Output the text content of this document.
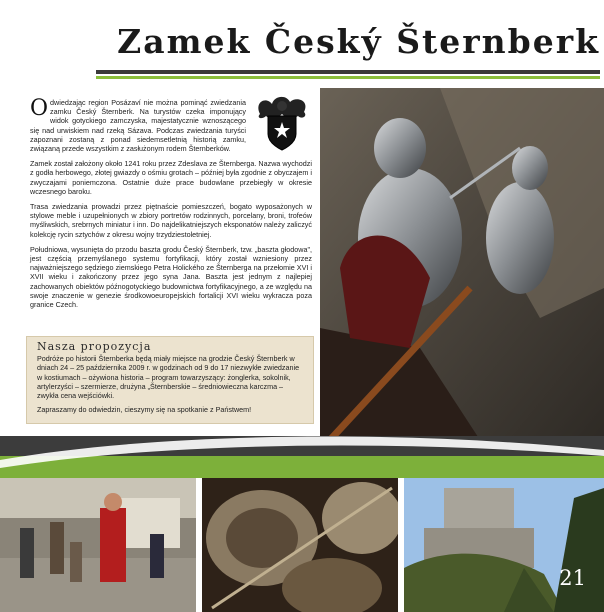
Zamek Český Šternberk

Odwiedzając region Posázaví nie można pominąć zwiedzania zamku Český Šternberk. Na turystów czeka imponujący widok gotyckiego zamczyska, majestatycznie wznoszącego się nad urwiskiem nad rzeką Sázava. Podczas zwiedzania turyści zapoznani zostaną z ponad siedemsetletnią historią zamku, związaną przede wszystkim z zasłużonym rodem Šternberków.

Zamek został założony około 1241 roku przez Zdeslava ze Šternberga. Nazwa wychodzi z godła herbowego, złotej gwiazdy o ośmiu grotach – później była zgodnie z obyczajem i zwyczajami poniemczona. Ostatnie duże prace budowlane przebiegły w okresie wczesnego baroku.

Trasa zwiedzania prowadzi przez piętnaście pomieszczeń, bogato wyposażonych w stylowe meble i uzupełnionych w zbiory portretów rodzinnych, porcelany, broni, trofeów myśliwskich, srebrnych miniatur i inn. Do najdelikatniejszych eksponatów należy zaliczyć kolekcję rycin sztychów z okresu wojny trzydziestoletniej.

Południowa, wysunięta do przodu baszta grodu Český Šternberk, tzw. „baszta głodowa", jest częścią przemyślanego systemu fortyfikacji, który został wzniesiony przez najważniejszego sędziego ziemskiego Petra Holického ze Šternberga na przełomie XVI i XVII wieku i zakończony przez jego syna Jana. Baszta jest jednym z najlepiej zachowanych obiektów późnogotyckiego budownictwa fortyfikacyjnego, a ze względu na swoje znaczenie w genezie środkowoeuropejskich fortalicji XVI wieku wykracza poza granice Czech.

Nasza propozycja

Podróże po historii Šternberka będą miały miejsce na grodzie Český Šternberk w dniach 24 – 25 października 2009 r. w godzinach od 9 do 17 niezwykłe zwiedzanie w kostiumach – ożywiona historia – program towarzyszący: żonglerka, sokolnik, artylerzyści – szermierze, drużyna „Šternberskie – średniowieczna karczma – zwykła cena wejściówki.

Zapraszamy do odwiedzin, cieszymy się na spotkanie z Państwem!

21
